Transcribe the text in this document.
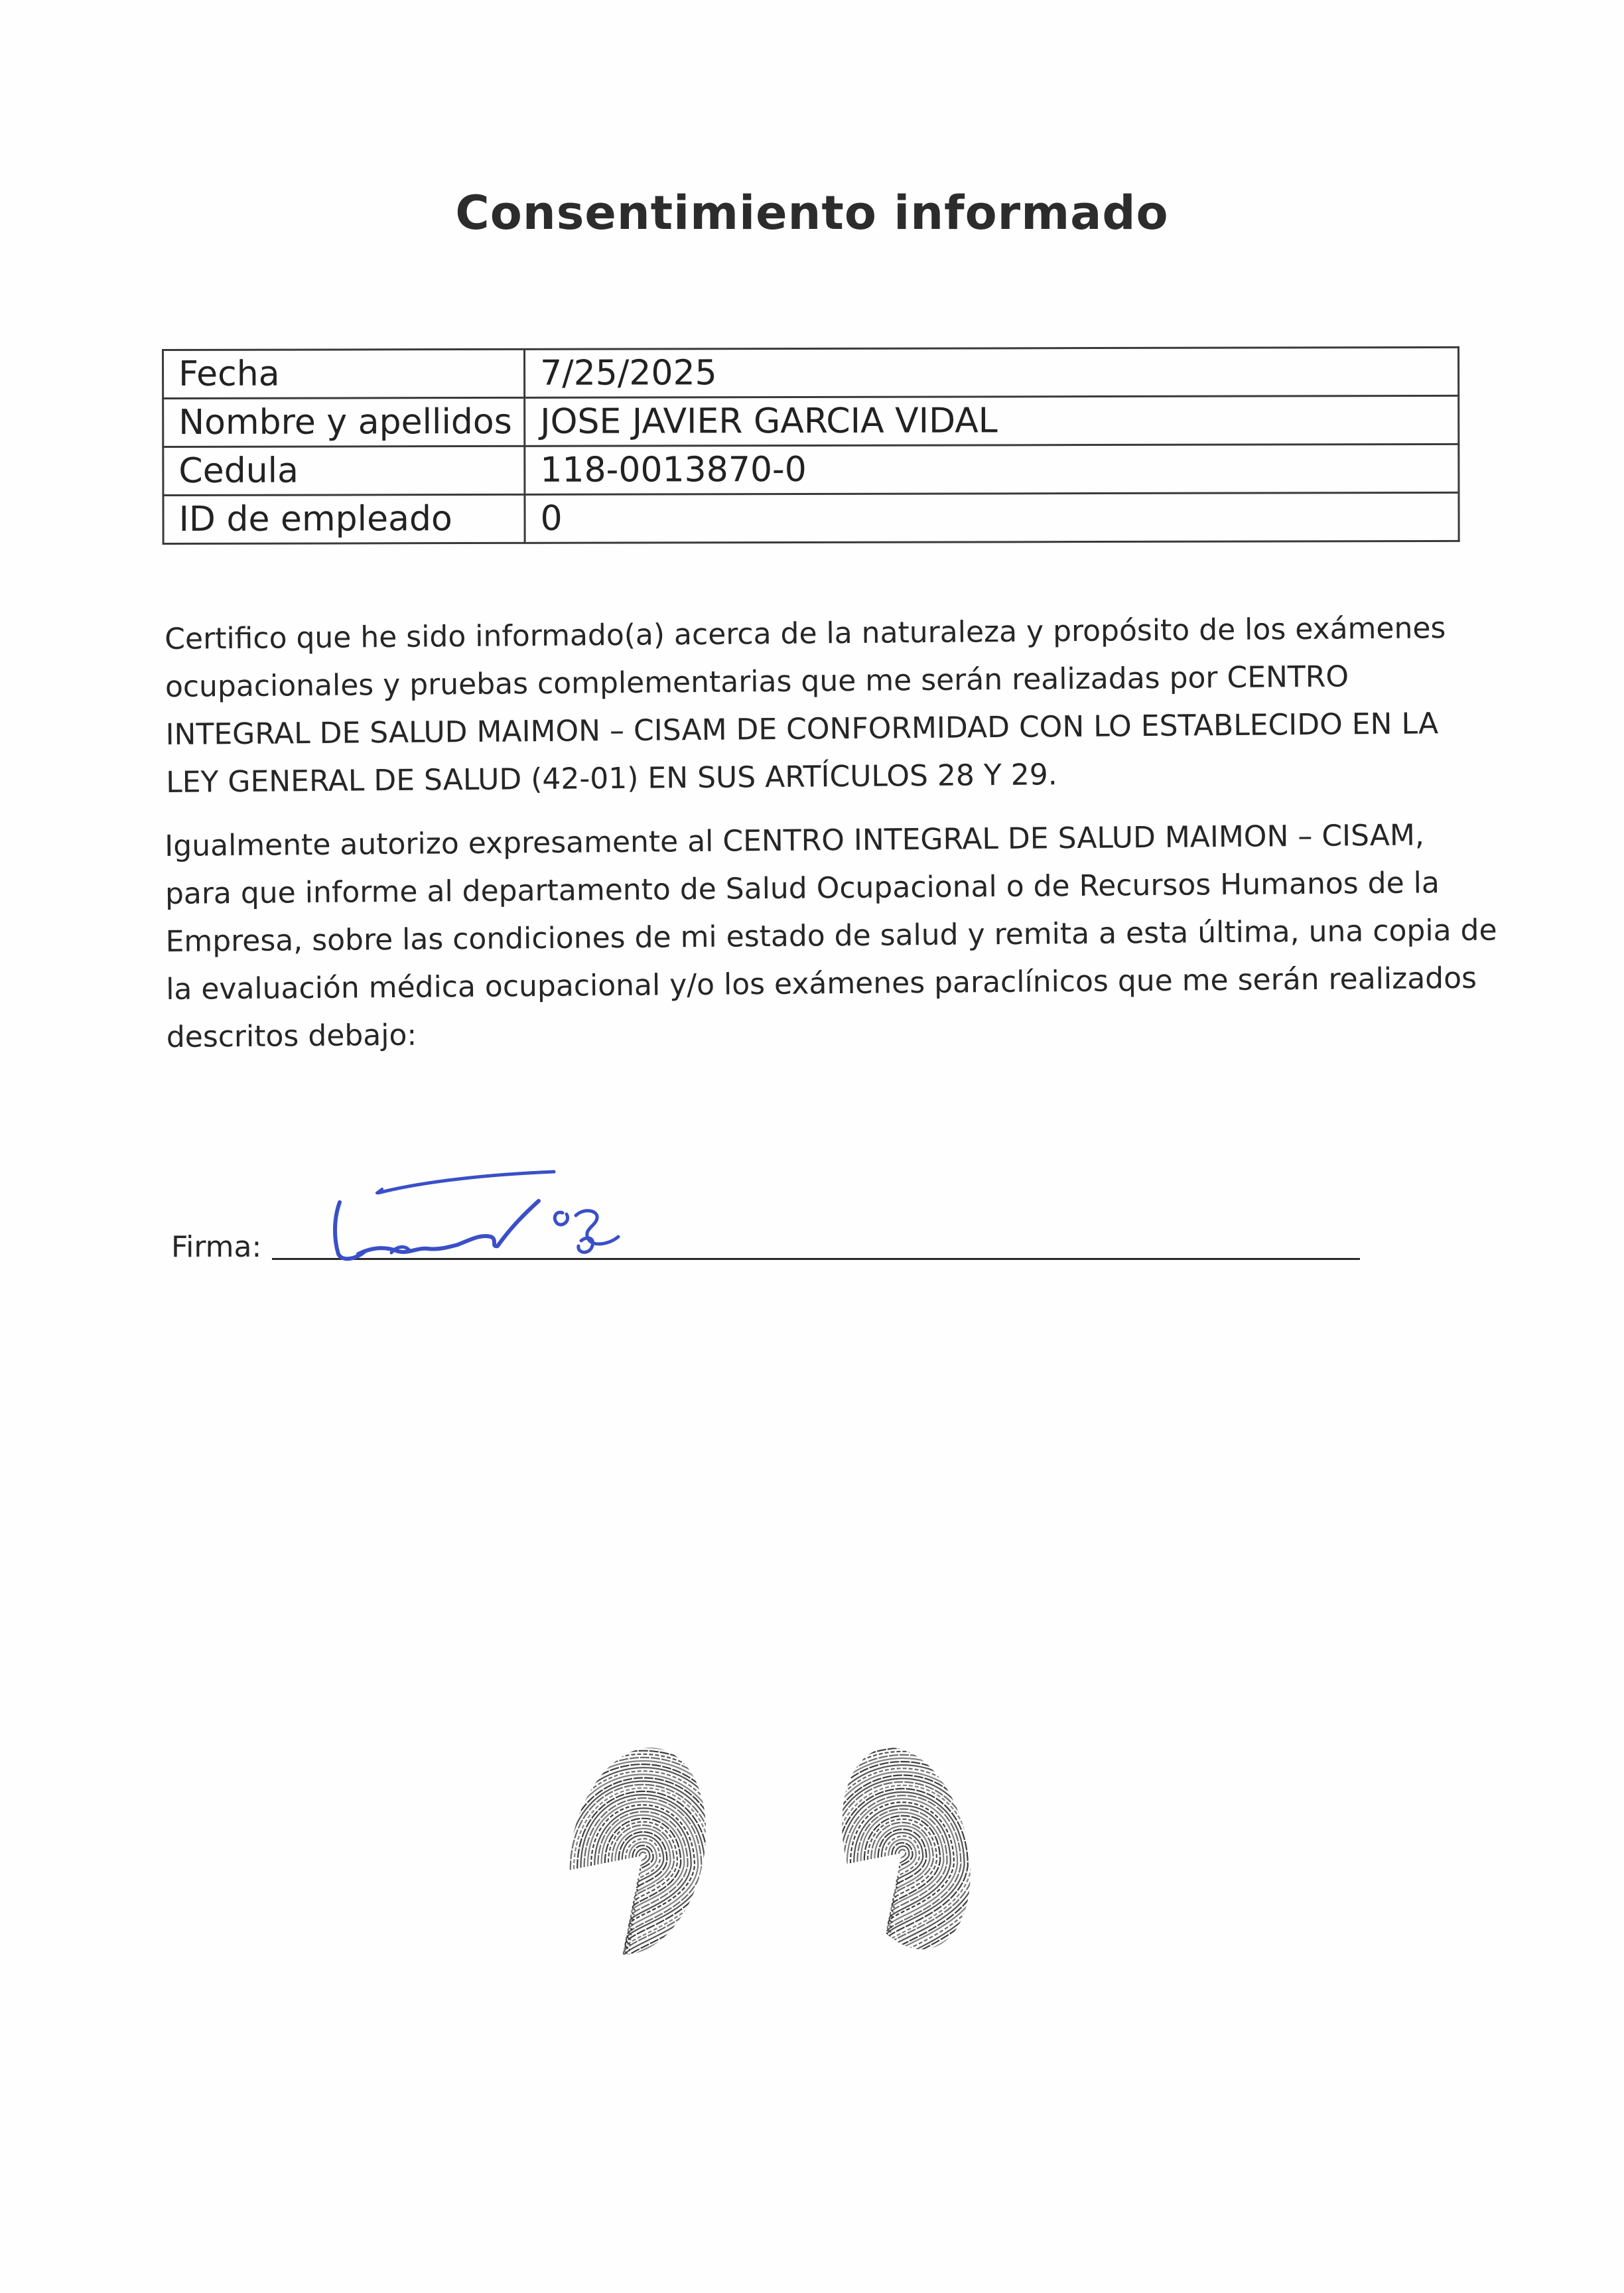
Consentimiento informado
Fecha	7/25/2025
Nombre y apellidos	JOSE JAVIER GARCIA VIDAL
Cedula	118-0013870-0
ID de empleado	0

Certifico que he sido informado(a) acerca de la naturaleza y propósito de los exámenes
ocupacionales y pruebas complementarias que me serán realizadas por CENTRO
INTEGRAL DE SALUD MAIMON – CISAM DE CONFORMIDAD CON LO ESTABLECIDO EN LA
LEY GENERAL DE SALUD (42-01) EN SUS ARTÍCULOS 28 Y 29.

Igualmente autorizo expresamente al CENTRO INTEGRAL DE SALUD MAIMON – CISAM,
para que informe al departamento de Salud Ocupacional o de Recursos Humanos de la
Empresa, sobre las condiciones de mi estado de salud y remita a esta última, una copia de
la evaluación médica ocupacional y/o los exámenes paraclínicos que me serán realizados
descritos debajo:

Firma:
